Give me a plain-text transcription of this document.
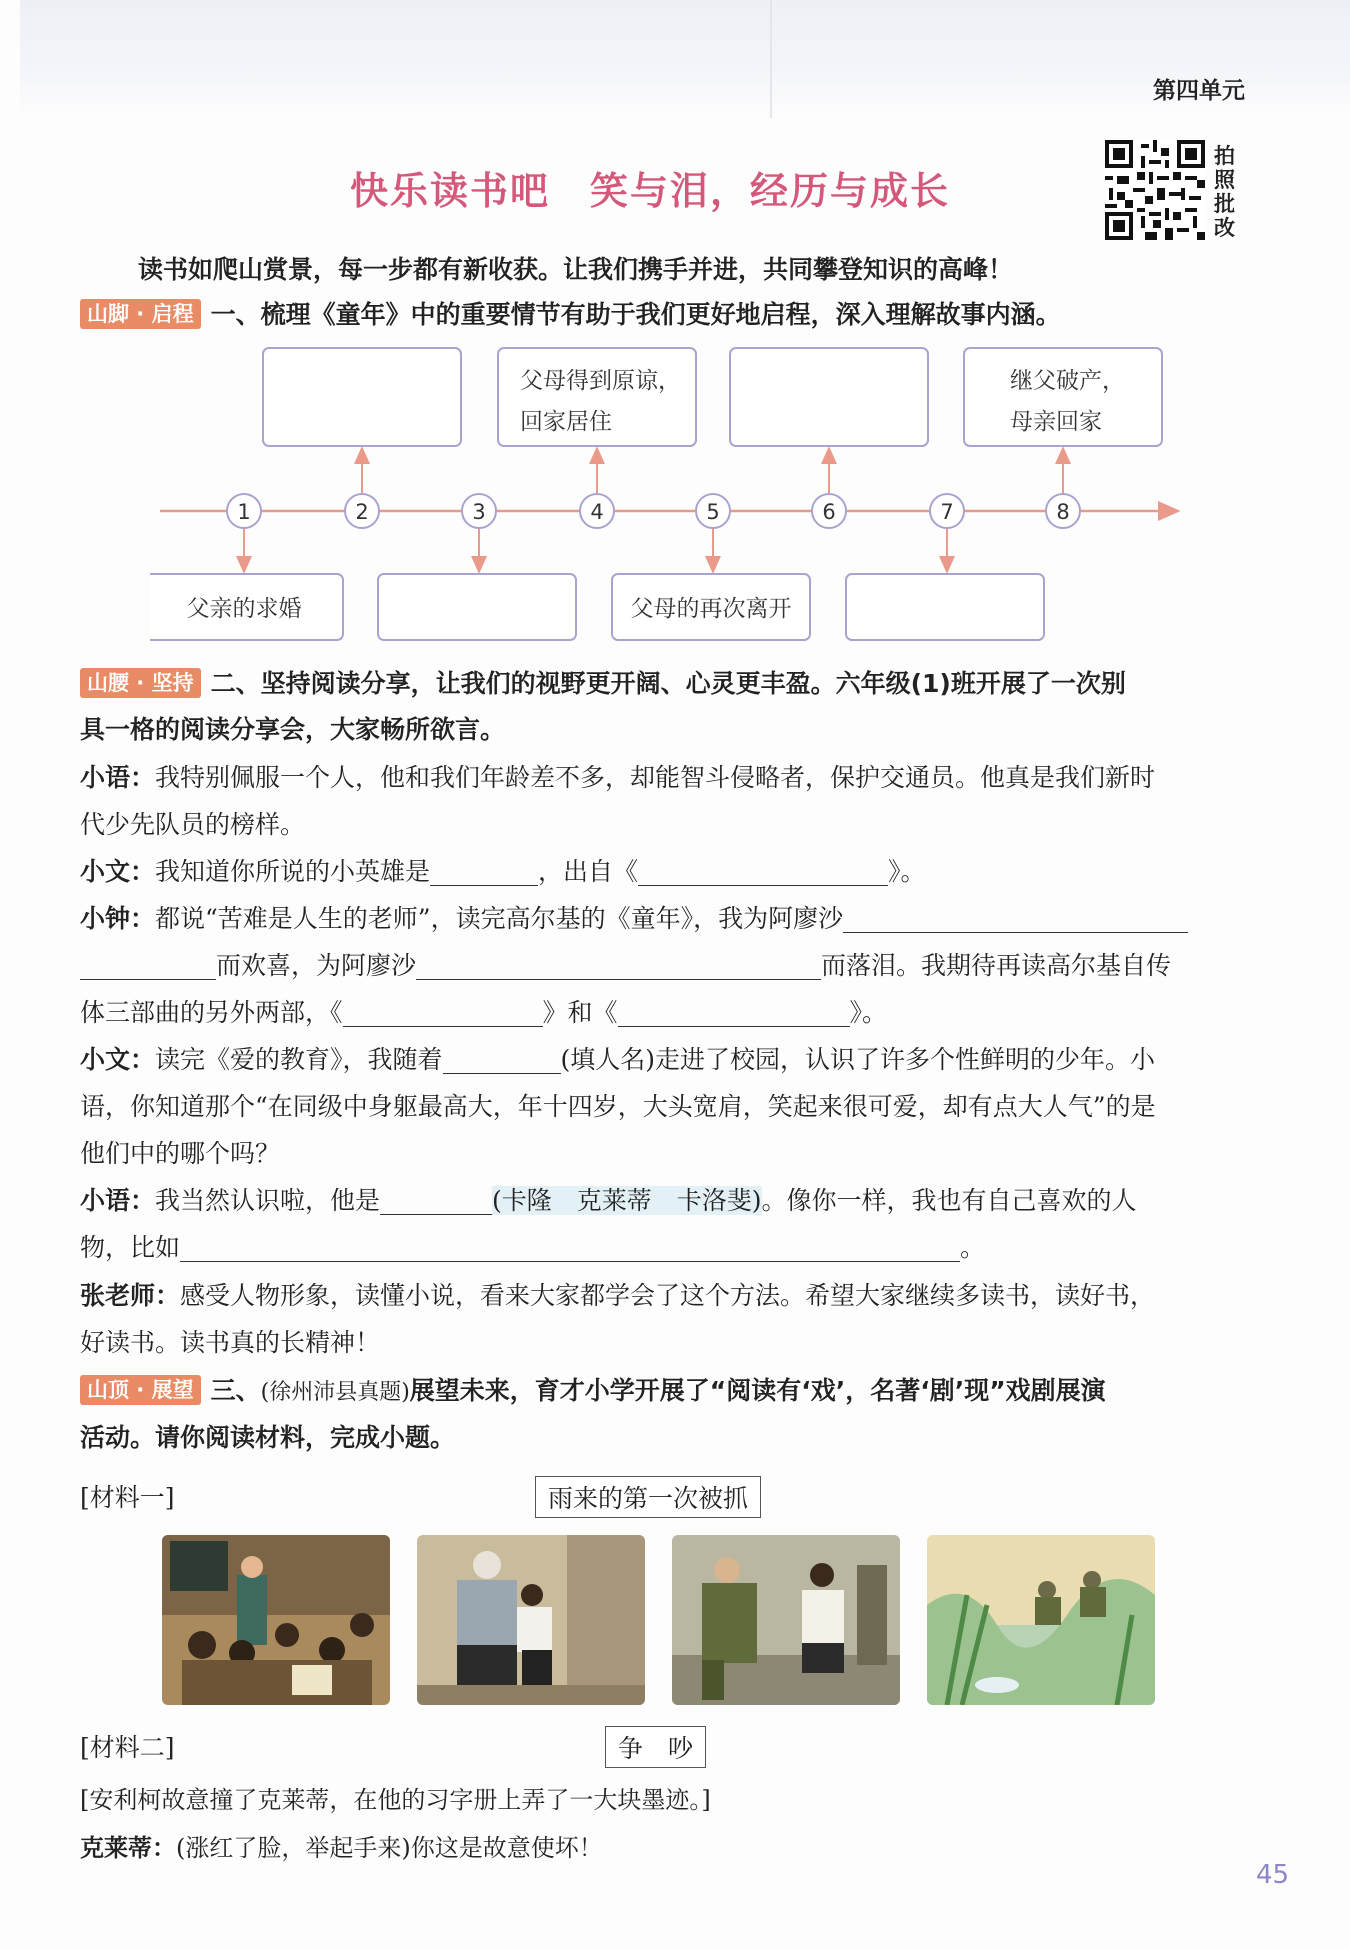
第四单元
快乐读书吧　笑与泪，经历与成长
拍
照
批
改
读书如爬山赏景，每一步都有新收获。让我们携手并进，共同攀登知识的高峰！
山脚 · 启程 一、梳理《童年》中的重要情节有助于我们更好地启程，深入理解故事内涵。
父母得到原谅，
回家居住
继父破产，
母亲回家
1	2	3	4	5	6	7	8
父亲的求婚	父母的再次离开
山腰 · 坚持 二、坚持阅读分享，让我们的视野更开阔、心灵更丰盈。六年级(1)班开展了一次别
具一格的阅读分享会，大家畅所欲言。
小语：我特别佩服一个人，他和我们年龄差不多，却能智斗侵略者，保护交通员。他真是我们新时
代少先队员的榜样。
小文：我知道你所说的小英雄是	，出自《	》。
小钟：都说“苦难是人生的老师”，读完高尔基的《童年》，我为阿廖沙
而欢喜，为阿廖沙	而落泪。我期待再读高尔基自传
体三部曲的另外两部，《	》和《	》。
小文：读完《爱的教育》，我随着	(填人名)走进了校园，认识了许多个性鲜明的少年。小
语，你知道那个“在同级中身躯最高大，年十四岁，大头宽肩，笑起来很可爱，却有点大人气”的是
他们中的哪个吗？
小语：我当然认识啦，他是	(卡隆　克莱蒂　卡洛斐)。像你一样，我也有自己喜欢的人
物，比如	。
张老师：感受人物形象，读懂小说，看来大家都学会了这个方法。希望大家继续多读书，读好书，
好读书。读书真的长精神！
山顶 · 展望 三、(徐州沛县真题)展望未来，育才小学开展了“阅读有‘戏’，名著‘剧’现”戏剧展演
活动。请你阅读材料，完成小题。
[材料一]	雨来的第一次被抓
[材料二]	争　吵
[安利柯故意撞了克莱蒂，在他的习字册上弄了一大块墨迹。]
克莱蒂：(涨红了脸，举起手来)你这是故意使坏！
45
